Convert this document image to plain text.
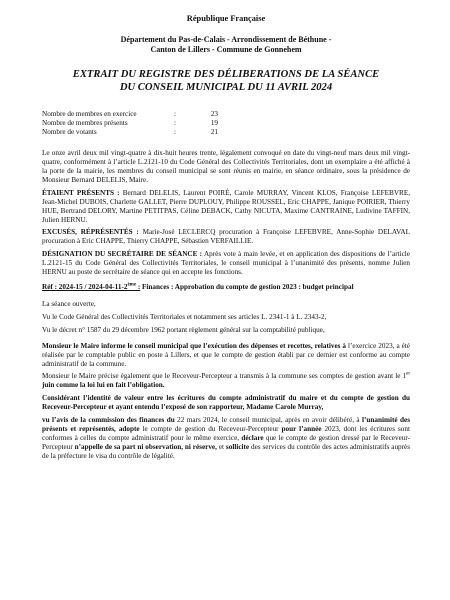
République Française
Département du Pas-de-Calais - Arrondissement de Béthune -
Canton de Lillers - Commune de Gonnehem
EXTRAIT DU REGISTRE DES DÉLIBERATIONS DE LA SÉANCE
DU CONSEIL MUNICIPAL DU 11 AVRIL 2024
Nombre de membres en exercice	:	23
Nombre de membres présents	:	19
Nombre de votants	:	21

Le onze avril deux mil vingt-quatre à dix-huit heures trente, légalement convoqué en date du vingt-neuf mars deux mil vingt-quatre, conformément à l’article L.2121-10 du Code Général des Collectivités Territoriales, dont un exemplaire a été affiché à la porte de la mairie, les membres du conseil municipal se sont réunis en mairie, en séance ordinaire, sous la présidence de Monsieur Bernard DELELIS, Maire.

ÉTAIENT PRÉSENTS : Bernard DELELIS, Laurent POIRÉ, Carole MURRAY, Vincent KLOS, Françoise LEFEBVRE, Jean-Michel DUBOIS, Charlette GALLET, Pierre DUPLOUY, Philippe ROUSSEL, Eric CHAPPE, Janique POIRIER, Thierry HUE, Bertrand DELORY, Martine PETITPAS, Céline DEBACK, Cathy NICUTA, Maxime CANTRAINE, Ludivine TAFFIN, Julien HERNU.

EXCUSÉS, RÉPRÉSENTÉS : Marie-José LECLERCQ procuration à Françoise LEFEBVRE, Anne-Sophie DELAVAL procuration à Eric CHAPPE, Thierry CHAPPE, Sébastien VERFAILLIE.

DÉSIGNATION DU SECRÉTAIRE DE SÉANCE : Après vote à main levée, et en application des dispositions de l’article L.2121-15 du Code Général des Collectivités Territoriales, le conseil municipal à l’unanimité des présents, nomme Julien HERNU au poste de secrétaire de séance qui en accepte les fonctions.

Réf : 2024-15 / 2024-04-11-2ème : Finances : Approbation du compte de gestion 2023 : budget principal

La séance ouverte,

Vu le Code Général des Collectivités Territoriales et notamment ses articles L. 2341-1 à L. 2343-2,

Vu le décret n° 1587 du 29 décembre 1962 portant règlement général sur la comptabilité publique,

Monsieur le Maire informe le conseil municipal que l’exécution des dépenses et recettes, relatives à l’exercice 2023, a été réalisée par le comptable public en poste à Lillers, et que le compte de gestion établi par ce dernier est conforme au compte administratif de la commune.

Monsieur le Maire précise également que le Receveur-Percepteur a transmis à la commune ses comptes de gestion avant le 1er juin comme la loi lui en fait l’obligation.

Considérant l’identité de valeur entre les écritures du compte administratif du maire et du compte de gestion du Receveur-Percepteur et ayant entendu l’exposé de son rapporteur, Madame Carole Murray,

vu l’avis de la commission des finances du 22 mars 2024, le conseil municipal, après en avoir délibéré, à l’unanimité des présents et représentés, adopte le compte de gestion du Receveur-Percepteur pour l’année 2023, dont les écritures sont conformes à celles du compte administratif pour le même exercice, déclare que le compte de gestion dressé par le Receveur-Percepteur n’appelle de sa part ni observation, ni réserve, et sollicite des services du contrôle des actes administratifs auprès de la préfecture le visa du contrôle de légalité.
